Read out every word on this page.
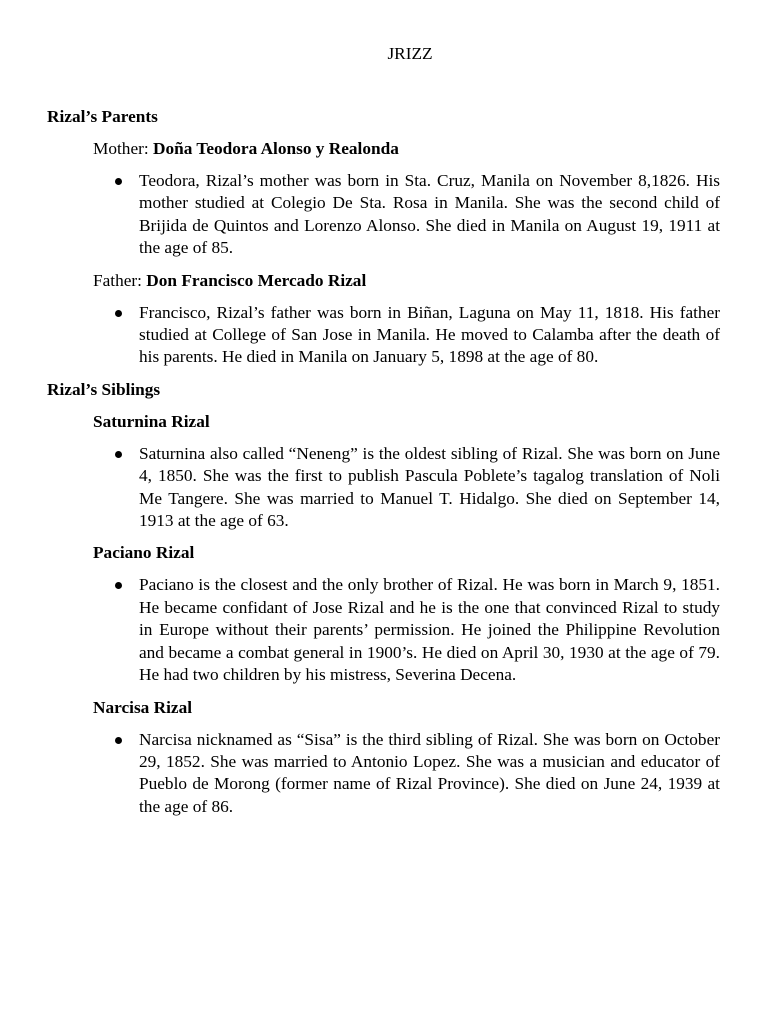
JRIZZ

Rizal’s Parents

Mother: Doña Teodora Alonso y Realonda

Teodora, Rizal’s mother was born in Sta. Cruz, Manila on November 8,1826. His mother studied at Colegio De Sta. Rosa in Manila. She was the second child of Brijida de Quintos and Lorenzo Alonso. She died in Manila on August 19, 1911 at the age of 85.

Father: Don Francisco Mercado Rizal

Francisco, Rizal’s father was born in Biñan, Laguna on May 11, 1818. His father studied at College of San Jose in Manila. He moved to Calamba after the death of his parents. He died in Manila on January 5, 1898 at the age of 80.

Rizal’s Siblings

Saturnina Rizal

Saturnina also called “Neneng” is the oldest sibling of Rizal. She was born on June 4, 1850. She was the first to publish Pascula Poblete’s tagalog translation of Noli Me Tangere. She was married to Manuel T. Hidalgo. She died on September 14, 1913 at the age of 63.

Paciano Rizal

Paciano is the closest and the only brother of Rizal. He was born in March 9, 1851. He became confidant of Jose Rizal and he is the one that convinced Rizal to study in Europe without their parents’ permission. He joined the Philippine Revolution and became a combat general in 1900’s. He died on April 30, 1930 at the age of 79. He had two children by his mistress, Severina Decena.

Narcisa Rizal

Narcisa nicknamed as “Sisa” is the third sibling of Rizal. She was born on October 29, 1852. She was married to Antonio Lopez. She was a musician and educator of Pueblo de Morong (former name of Rizal Province). She died on June 24, 1939 at the age of 86.
